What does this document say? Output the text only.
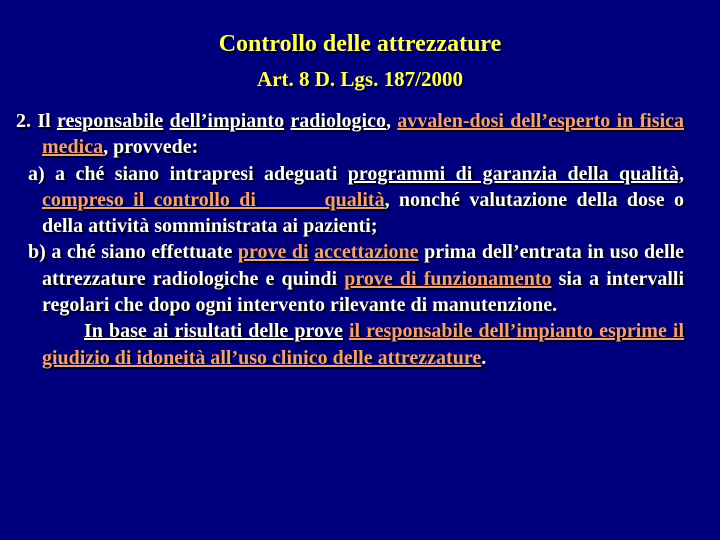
Controllo delle attrezzature
Art. 8 D. Lgs. 187/2000
2. Il responsabile dell’impianto radiologico, avvalen-dosi dell’esperto in fisica medica, provvede:
a) a ché siano intrapresi adeguati programmi di garanzia della qualità, compreso il controllo di _____ qualità, nonché valutazione della dose o della attività somministrata ai pazienti;
b) a ché siano effettuate prove di accettazione prima dell’entrata in uso delle attrezzature radiologiche e quindi prove di funzionamento sia a intervalli regolari che dopo ogni intervento rilevante di manutenzione.
In base ai risultati delle prove il responsabile dell’impianto esprime il giudizio di idoneità all’uso clinico delle attrezzature.
